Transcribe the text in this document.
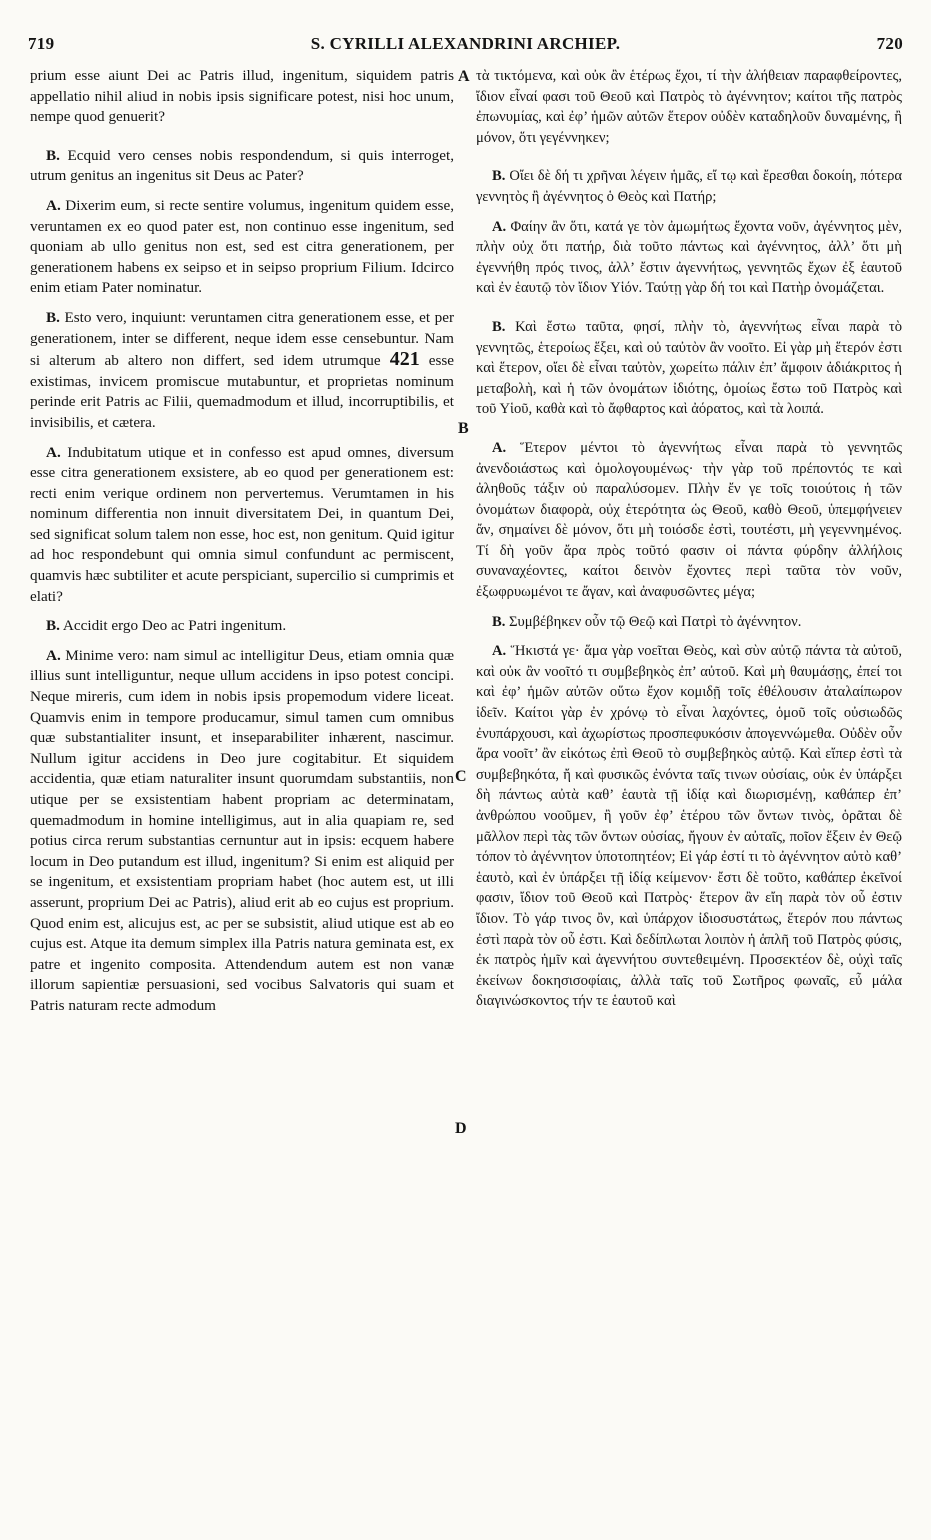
719	S. CYRILLI ALEXANDRINI ARCHIEP.	720
A
B
C
D

prium esse aiunt Dei ac Patris illud, ingenitum, siquidem patris appellatio nihil aliud in nobis ipsis significare potest, nisi hoc unum, nempe quod genuerit?

B. Ecquid vero censes nobis respondendum, si quis interroget, utrum genitus an ingenitus sit Deus ac Pater?

A. Dixerim eum, si recte sentire volumus, ingenitum quidem esse, veruntamen ex eo quod pater est, non continuo esse ingenitum, sed quoniam ab ullo genitus non est, sed est citra generationem, per generationem habens ex seipso et in seipso proprium Filium. Idcirco enim etiam Pater nominatur.

B. Esto vero, inquiunt: veruntamen citra generationem esse, et per generationem, inter se different, neque idem esse censebuntur. Nam si alterum ab altero non differt, sed idem utrumque 421 esse existimas, invicem promiscue mutabuntur, et proprietas nominum perinde erit Patris ac Filii, quemadmodum et illud, incorruptibilis, et invisibilis, et cætera.

A. Indubitatum utique et in confesso est apud omnes, diversum esse citra generationem exsistere, ab eo quod per generationem est: recti enim verique ordinem non pervertemus. Verumtamen in his nominum differentia non innuit diversitatem Dei, in quantum Dei, sed significat solum talem non esse, hoc est, non genitum. Quid igitur ad hoc respondebunt qui omnia simul confundunt ac permiscent, quamvis hæc subtiliter et acute perspiciant, supercilio si cumprimis et elati?

B. Accidit ergo Deo ac Patri ingenitum.

A. Minime vero: nam simul ac intelligitur Deus, etiam omnia quæ illius sunt intelliguntur, neque ullum accidens in ipso potest concipi. Neque mireris, cum idem in nobis ipsis propemodum videre liceat. Quamvis enim in tempore producamur, simul tamen cum omnibus quæ substantialiter insunt, et inseparabiliter inhærent, nascimur. Nullum igitur accidens in Deo jure cogitabitur. Et siquidem accidentia, quæ etiam naturaliter insunt quorumdam substantiis, non utique per se exsistentiam habent propriam ac determinatam, quemadmodum in homine intelligimus, aut in alia quapiam re, sed potius circa rerum substantias cernuntur aut in ipsis: ecquem habere locum in Deo putandum est illud, ingenitum? Si enim est aliquid per se ingenitum, et exsistentiam propriam habet (hoc autem est, ut illi asserunt, proprium Dei ac Patris), aliud erit ab eo cujus est proprium. Quod enim est, alicujus est, ac per se subsistit, aliud utique est ab eo cujus est. Atque ita demum simplex illa Patris natura geminata est, ex patre et ingenito composita. Attendendum autem est non vanæ illorum sapientiæ persuasioni, sed vocibus Salvatoris qui suam et Patris naturam recte admodum

τὰ τικτόμενα, καὶ οὐκ ἂν ἑτέρως ἔχοι, τί τὴν ἀλήθειαν παραφθείροντες, ἴδιον εἶναί φασι τοῦ Θεοῦ καὶ Πατρὸς τὸ ἀγέννητον; καίτοι τῆς πατρὸς ἐπωνυμίας, καὶ ἐφ’ ἡμῶν αὐτῶν ἕτερον οὐδὲν καταδηλοῦν δυναμένης, ἢ μόνον, ὅτι γεγέννηκεν;

B. Οἴει δὲ δή τι χρῆναι λέγειν ἡμᾶς, εἴ τῳ καὶ ἔρεσθαι δοκοίη, πότερα γεννητὸς ἢ ἀγέννητος ὁ Θεὸς καὶ Πατήρ;

A. Φαίην ἂν ὅτι, κατά γε τὸν ἀμωμήτως ἔχοντα νοῦν, ἀγέννητος μὲν, πλὴν οὐχ ὅτι πατήρ, διὰ τοῦτο πάντως καὶ ἀγέννητος, ἀλλ’ ὅτι μὴ ἐγεννήθη πρός τινος, ἀλλ’ ἔστιν ἀγεννήτως, γεννητῶς ἔχων ἐξ ἑαυτοῦ καὶ ἐν ἑαυτῷ τὸν ἴδιον Υἱόν. Ταύτῃ γὰρ δή τοι καὶ Πατὴρ ὀνομάζεται.

B. Καὶ ἔστω ταῦτα, φησί, πλὴν τὸ, ἀγεννήτως εἶναι παρὰ τὸ γεννητῶς, ἑτεροίως ἕξει, καὶ οὐ ταὐτὸν ἂν νοοῖτο. Εἰ γὰρ μὴ ἕτερόν ἐστι καὶ ἕτερον, οἴει δὲ εἶναι ταὐτὸν, χωρείτω πάλιν ἐπ’ ἄμφοιν ἀδιάκριτος ἡ μεταβολὴ, καὶ ἡ τῶν ὀνομάτων ἰδιότης, ὁμοίως ἔστω τοῦ Πατρὸς καὶ τοῦ Υἱοῦ, καθὰ καὶ τὸ ἄφθαρτος καὶ ἀόρατος, καὶ τὰ λοιπά.

A. Ἕτερον μέντοι τὸ ἀγεννήτως εἶναι παρὰ τὸ γεννητῶς ἀνενδοιάστως καὶ ὁμολογουμένως· τὴν γὰρ τοῦ πρέποντός τε καὶ ἀληθοῦς τάξιν οὐ παραλύσομεν. Πλὴν ἔν γε τοῖς τοιούτοις ἡ τῶν ὀνομάτων διαφορὰ, οὐχ ἑτερότητα ὡς Θεοῦ, καθὸ Θεοῦ, ὑπεμφήνειεν ἄν, σημαίνει δὲ μόνον, ὅτι μὴ τοιόσδε ἐστὶ, τουτέστι, μὴ γεγεννημένος. Τί δὴ γοῦν ἄρα πρὸς τοῦτό φασιν οἱ πάντα φύρδην ἀλλήλοις συναναχέοντες, καίτοι δεινὸν ἔχοντες περὶ ταῦτα τὸν νοῦν, ἐξωφρυωμένοι τε ἄγαν, καὶ ἀναφυσῶντες μέγα;

B. Συμβέβηκεν οὖν τῷ Θεῷ καὶ Πατρὶ τὸ ἀγέννητον.

A. Ἥκιστά γε· ἅμα γὰρ νοεῖται Θεὸς, καὶ σὺν αὐτῷ πάντα τὰ αὐτοῦ, καὶ οὐκ ἂν νοοῖτό τι συμβεβηκὸς ἐπ’ αὐτοῦ. Καὶ μὴ θαυμάσῃς, ἐπεί τοι καὶ ἐφ’ ἡμῶν αὐτῶν οὕτω ἔχον κομιδῇ τοῖς ἐθέλουσιν ἀταλαίπωρον ἰδεῖν. Καίτοι γὰρ ἐν χρόνῳ τὸ εἶναι λαχόντες, ὁμοῦ τοῖς οὐσιωδῶς ἐνυπάρχουσι, καὶ ἀχωρίστως προσπεφυκόσιν ἀπογεννώμεθα. Οὐδὲν οὖν ἄρα νοοῖτ’ ἂν εἰκότως ἐπὶ Θεοῦ τὸ συμβεβηκὸς αὐτῷ. Καὶ εἴπερ ἐστὶ τὰ συμβεβηκότα, ἤ καὶ φυσικῶς ἐνόντα ταῖς τινων οὐσίαις, οὐκ ἐν ὑπάρξει δὴ πάντως αὐτὰ καθ’ ἑαυτὰ τῇ ἰδίᾳ καὶ διωρισμένῃ, καθάπερ ἐπ’ ἀνθρώπου νοοῦμεν, ἢ γοῦν ἐφ’ ἑτέρου τῶν ὄντων τινὸς, ὁρᾶται δὲ μᾶλλον περὶ τὰς τῶν ὄντων οὐσίας, ἤγουν ἐν αὐταῖς, ποῖον ἕξειν ἐν Θεῷ τόπον τὸ ἀγέννητον ὑποτοπητέον; Εἰ γάρ ἐστί τι τὸ ἀγέννητον αὐτὸ καθ’ ἑαυτὸ, καὶ ἐν ὑπάρξει τῇ ἰδίᾳ κείμενον· ἔστι δὲ τοῦτο, καθάπερ ἐκεῖνοί φασιν, ἴδιον τοῦ Θεοῦ καὶ Πατρὸς· ἕτερον ἂν εἴη παρὰ τὸν οὗ ἐστιν ἴδιον. Τὸ γάρ τινος ὂν, καὶ ὑπάρχον ἰδιοσυστάτως, ἕτερόν που πάντως ἐστὶ παρὰ τὸν οὗ ἐστι. Καὶ δεδίπλωται λοιπὸν ἡ ἁπλῆ τοῦ Πατρὸς φύσις, ἐκ πατρὸς ἡμῖν καὶ ἀγεννήτου συντεθειμένη. Προσεκτέον δὲ, οὐχὶ ταῖς ἐκείνων δοκησισοφίαις, ἀλλὰ ταῖς τοῦ Σωτῆρος φωναῖς, εὖ μάλα διαγινώσκοντος τήν τε ἑαυτοῦ καὶ
